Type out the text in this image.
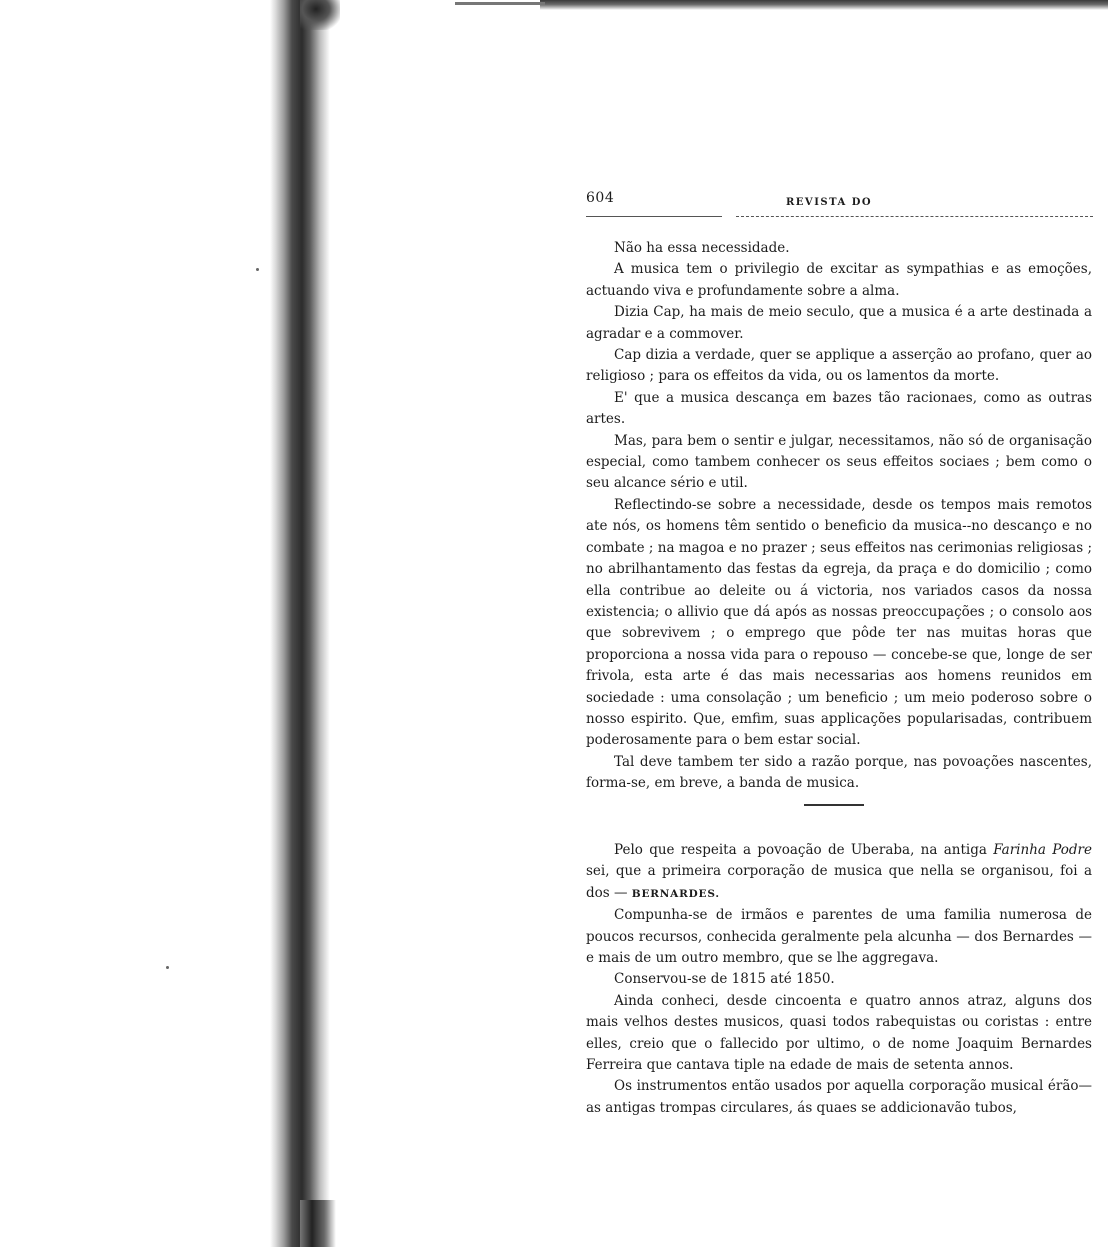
604	REVISTA DO

Não ha essa necessidade.

A musica tem o privilegio de excitar as sympathias e as emoções, actuando viva e profundamente sobre a alma.

Dizia Cap, ha mais de meio seculo, que a musica é a arte destinada a agradar e a commover.

Cap dizia a verdade, quer se applique a asserção ao profano, quer ao religioso ; para os effeitos da vida, ou os lamentos da morte.

E' que a musica descança em bazes tão racionaes, como as outras artes.

Mas, para bem o sentir e julgar, necessitamos, não só de organisação especial, como tambem conhecer os seus effeitos sociaes ; bem como o seu alcance sério e util.

Reflectindo-se sobre a necessidade, desde os tempos mais remotos ate nós, os homens têm sentido o beneficio da musica--no descanço e no combate ; na magoa e no prazer ; seus effeitos nas cerimonias religiosas ; no abrilhantamento das festas da egreja, da praça e do domicilio ; como ella contribue ao deleite ou á victoria, nos variados casos da nossa existencia; o allivio que dá após as nossas preoccupações ; o consolo aos que sobrevivem ; o emprego que pôde ter nas muitas horas que proporciona a nossa vida para o repouso — concebe-se que, longe de ser frivola, esta arte é das mais necessarias aos homens reunidos em sociedade : uma consolação ; um beneficio ; um meio poderoso sobre o nosso espirito. Que, emfim, suas applicações popularisadas, contribuem poderosamente para o bem estar social.

Tal deve tambem ter sido a razão porque, nas povoações nascentes, forma-se, em breve, a banda de musica.

Pelo que respeita a povoação de Uberaba, na antiga Farinha Podre sei, que a primeira corporação de musica que nella se organisou, foi a dos — BERNARDES.

Compunha-se de irmãos e parentes de uma familia numerosa de poucos recursos, conhecida geralmente pela alcunha — dos Bernardes — e mais de um outro membro, que se lhe aggregava.

Conservou-se de 1815 até 1850.

Ainda conheci, desde cincoenta e quatro annos atraz, alguns dos mais velhos destes musicos, quasi todos rabequistas ou coristas : entre elles, creio que o fallecido por ultimo, o de nome Joaquim Bernardes Ferreira que cantava tiple na edade de mais de setenta annos.

Os instrumentos então usados por aquella corporação musical érão— as antigas trompas circulares, ás quaes se addicionavão tubos,
